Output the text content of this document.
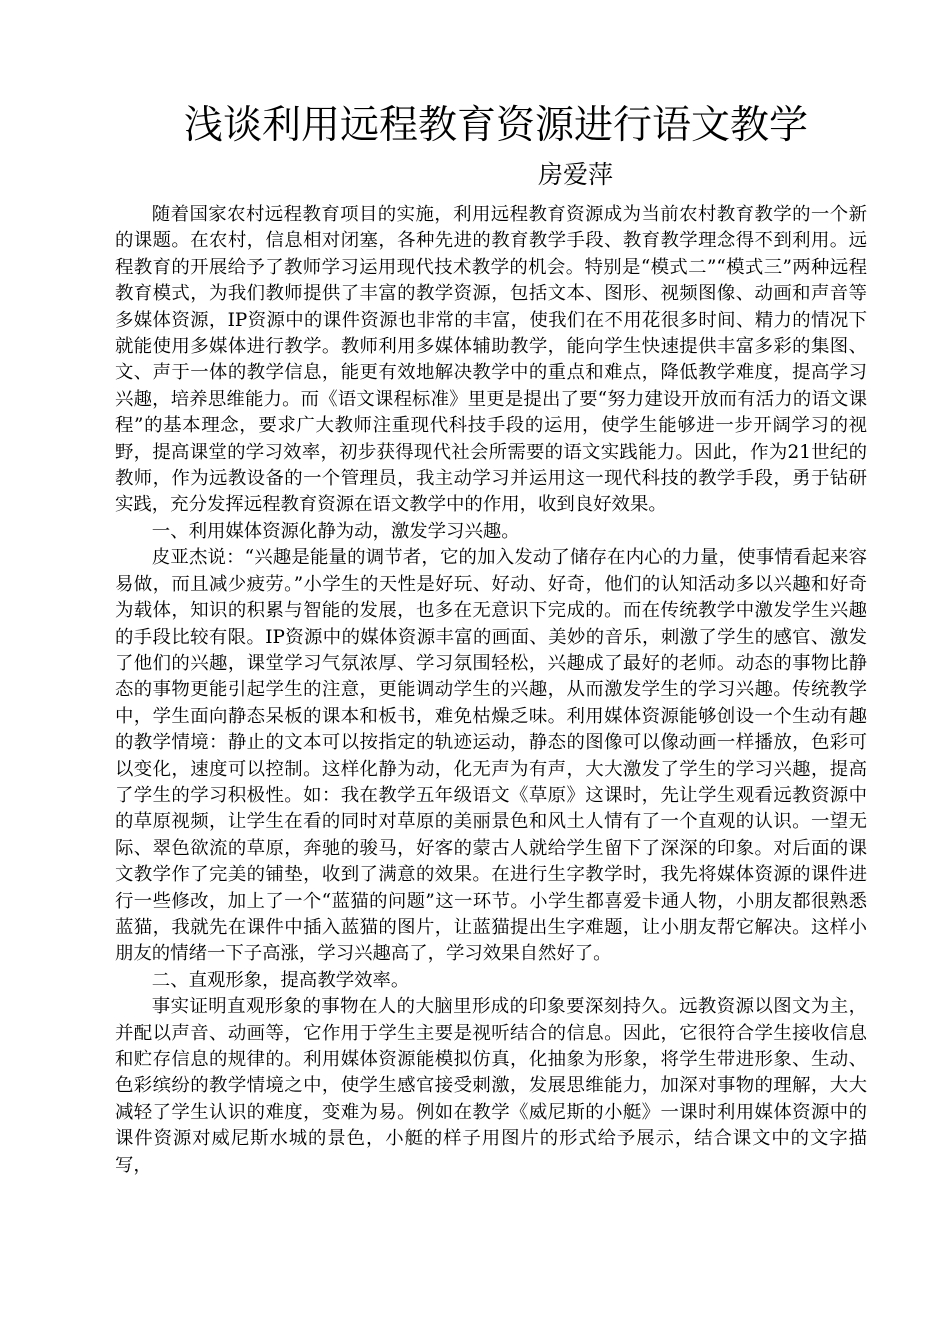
浅谈利用远程教育资源进行语文教学
房爱萍

随着国家农村远程教育项目的实施，利用远程教育资源成为当前农村教育教学的一个新的课题。在农村，信息相对闭塞，各种先进的教育教学手段、教育教学理念得不到利用。远程教育的开展给予了教师学习运用现代技术教学的机会。特别是“模式二”“模式三”两种远程教育模式，为我们教师提供了丰富的教学资源，包括文本、图形、视频图像、动画和声音等多媒体资源，IP资源中的课件资源也非常的丰富，使我们在不用花很多时间、精力的情况下就能使用多媒体进行教学。教师利用多媒体辅助教学，能向学生快速提供丰富多彩的集图、文、声于一体的教学信息，能更有效地解决教学中的重点和难点，降低教学难度，提高学习兴趣，培养思维能力。而《语文课程标准》里更是提出了要“努力建设开放而有活力的语文课程”的基本理念，要求广大教师注重现代科技手段的运用，使学生能够进一步开阔学习的视野，提高课堂的学习效率，初步获得现代社会所需要的语文实践能力。因此，作为21世纪的教师，作为远教设备的一个管理员，我主动学习并运用这一现代科技的教学手段，勇于钻研实践，充分发挥远程教育资源在语文教学中的作用，收到良好效果。

一、利用媒体资源化静为动，激发学习兴趣。

皮亚杰说：“兴趣是能量的调节者，它的加入发动了储存在内心的力量，使事情看起来容易做，而且减少疲劳。”小学生的天性是好玩、好动、好奇，他们的认知活动多以兴趣和好奇为载体，知识的积累与智能的发展，也多在无意识下完成的。而在传统教学中激发学生兴趣的手段比较有限。IP资源中的媒体资源丰富的画面、美妙的音乐，刺激了学生的感官、激发了他们的兴趣，课堂学习气氛浓厚、学习氛围轻松，兴趣成了最好的老师。动态的事物比静态的事物更能引起学生的注意，更能调动学生的兴趣，从而激发学生的学习兴趣。传统教学中，学生面向静态呆板的课本和板书，难免枯燥乏味。利用媒体资源能够创设一个生动有趣的教学情境：静止的文本可以按指定的轨迹运动，静态的图像可以像动画一样播放，色彩可以变化，速度可以控制。这样化静为动，化无声为有声，大大激发了学生的学习兴趣，提高了学生的学习积极性。如：我在教学五年级语文《草原》这课时，先让学生观看远教资源中的草原视频，让学生在看的同时对草原的美丽景色和风土人情有了一个直观的认识。一望无际、翠色欲流的草原，奔驰的骏马，好客的蒙古人就给学生留下了深深的印象。对后面的课文教学作了完美的铺垫，收到了满意的效果。在进行生字教学时，我先将媒体资源的课件进行一些修改，加上了一个“蓝猫的问题”这一环节。小学生都喜爱卡通人物，小朋友都很熟悉蓝猫，我就先在课件中插入蓝猫的图片，让蓝猫提出生字难题，让小朋友帮它解决。这样小朋友的情绪一下子高涨，学习兴趣高了，学习效果自然好了。

二、直观形象，提高教学效率。

事实证明直观形象的事物在人的大脑里形成的印象要深刻持久。远教资源以图文为主，并配以声音、动画等，它作用于学生主要是视听结合的信息。因此，它很符合学生接收信息和贮存信息的规律的。利用媒体资源能模拟仿真，化抽象为形象，将学生带进形象、生动、色彩缤纷的教学情境之中，使学生感官接受刺激，发展思维能力，加深对事物的理解，大大减轻了学生认识的难度，变难为易。例如在教学《威尼斯的小艇》一课时利用媒体资源中的课件资源对威尼斯水城的景色，小艇的样子用图片的形式给予展示，结合课文中的文字描写，
